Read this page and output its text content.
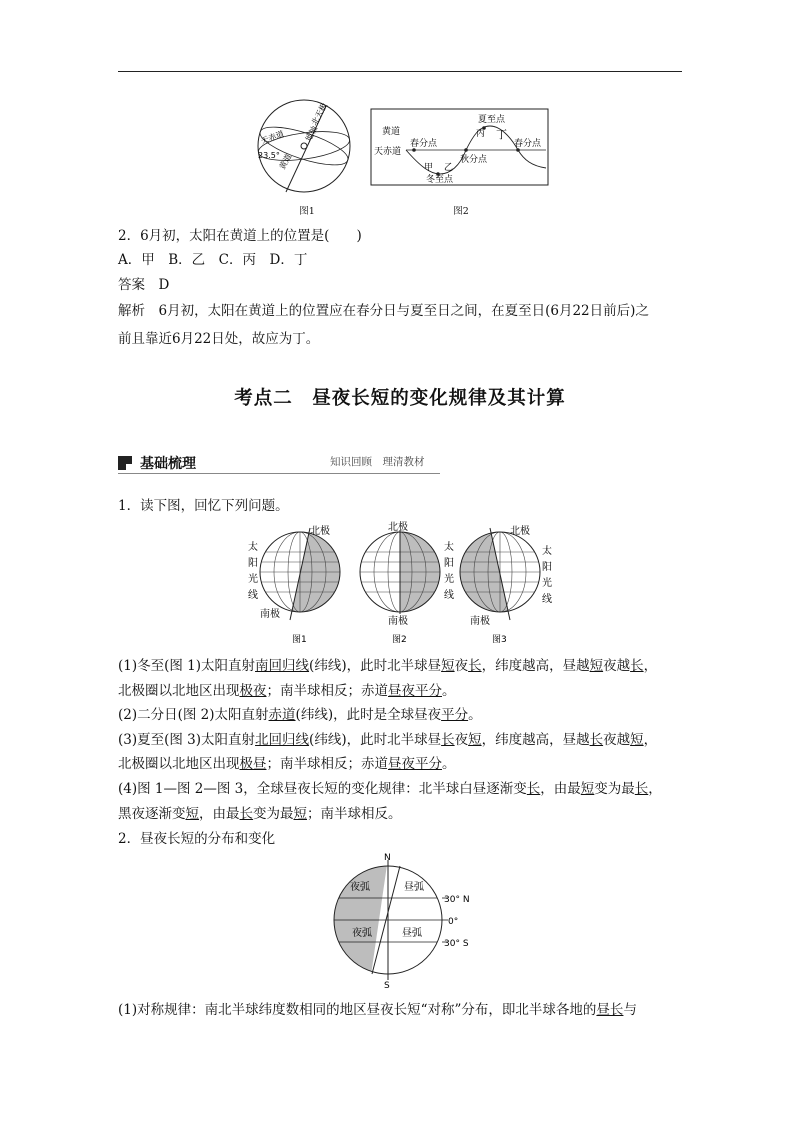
北天极
地轴
天赤道
黄道
23.5°
图1
黄道
天赤道
春分点
夏至点
丙 丁
春分点
秋分点
甲 乙
冬至点
图2
2．6月初，太阳在黄道上的位置是(　　)
A．甲　B．乙　C．丙　D．丁
答案　D
解析　6月初，太阳在黄道上的位置应在春分日与夏至日之间，在夏至日(6月22日前后)之
前且靠近6月22日处，故应为丁。
考点二　昼夜长短的变化规律及其计算
基础梳理	知识回顾　理清教材
1．读下图，回忆下列问题。
北极
南极
太
阳
光
线
北极
南极
太
阳
光
线
北极
南极
太
阳
光
线
图1	图2	图3
(1)冬至(图 1)太阳直射南回归线(纬线)，此时北半球昼短夜长，纬度越高，昼越短夜越长，
北极圈以北地区出现极夜；南半球相反；赤道昼夜平分。
(2)二分日(图 2)太阳直射赤道(纬线)，此时是全球昼夜平分。
(3)夏至(图 3)太阳直射北回归线(纬线)，此时北半球昼长夜短，纬度越高，昼越长夜越短，
北极圈以北地区出现极昼；南半球相反；赤道昼夜平分。
(4)图 1—图 2—图 3，全球昼夜长短的变化规律：北半球白昼逐渐变长，由最短变为最长，
黑夜逐渐变短，由最长变为最短；南半球相反。
2．昼夜长短的分布和变化
N
S
夜弧	昼弧
夜弧	昼弧
30° N
0°
30° S
(1)对称规律：南北半球纬度数相同的地区昼夜长短“对称”分布，即北半球各地的昼长与
